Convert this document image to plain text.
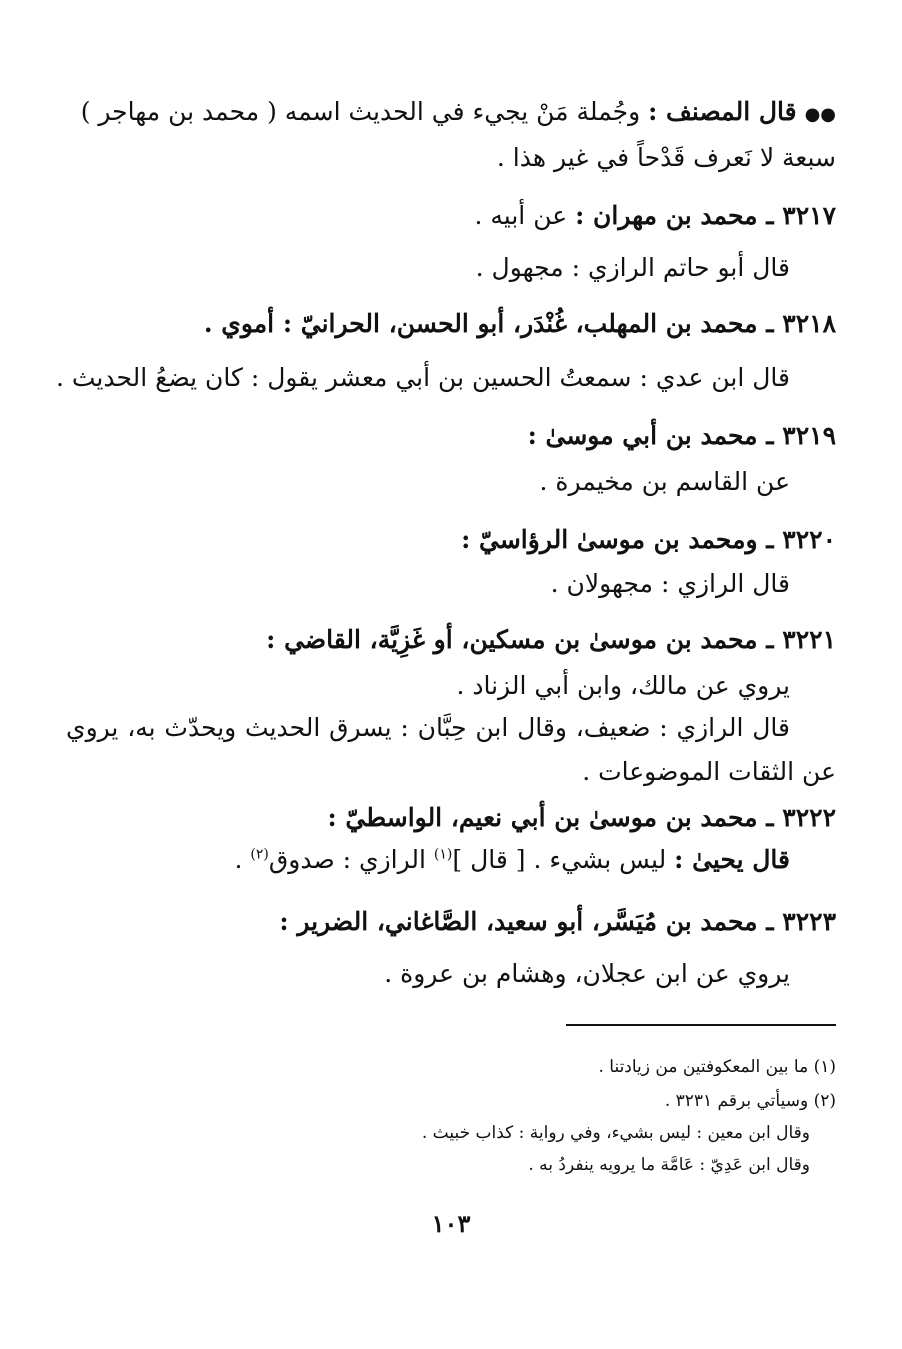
●● قال المصنف : وجُملة مَنْ يجيء في الحديث اسمه ( محمد بن مهاجر )
سبعة لا نَعرف قَدْحاً في غير هذا .
٣٢١٧ ـ محمد بن مهران : عن أبيه .
قال أبو حاتم الرازي : مجهول .
٣٢١٨ ـ محمد بن المهلب، غُنْدَر، أبو الحسن، الحرانيّ : أموي .
قال ابن عدي : سمعتُ الحسين بن أبي معشر يقول : كان يضعُ الحديث .
٣٢١٩ ـ محمد بن أبي موسىٰ :
عن القاسم بن مخيمرة .
٣٢٢٠ ـ ومحمد بن موسىٰ الرؤاسيّ :
قال الرازي : مجهولان .
٣٢٢١ ـ محمد بن موسىٰ بن مسكين، أو غَزِيَّة، القاضي :
يروي عن مالك، وابن أبي الزناد .
قال الرازي : ضعيف، وقال ابن حِبَّان : يسرق الحديث ويحدّث به، يروي
عن الثقات الموضوعات .
٣٢٢٢ ـ محمد بن موسىٰ بن أبي نعيم، الواسطيّ :
قال يحيىٰ : ليس بشيء . [ قال ]$^{(١)}$ الرازي : صدوق$^{(٢)}$ .
٣٢٢٣ ـ محمد بن مُيَسَّر، أبو سعيد، الصَّاغاني، الضرير :
يروي عن ابن عجلان، وهشام بن عروة .
(١) ما بين المعكوفتين من زيادتنا .
(٢) وسيأتي برقم ٣٢٣١ .
وقال ابن معين : ليس بشيء، وفي رواية : كذاب خبيث .
وقال ابن عَدِيّ : عَامَّة ما يرويه ينفردُ به .
١٠٣
